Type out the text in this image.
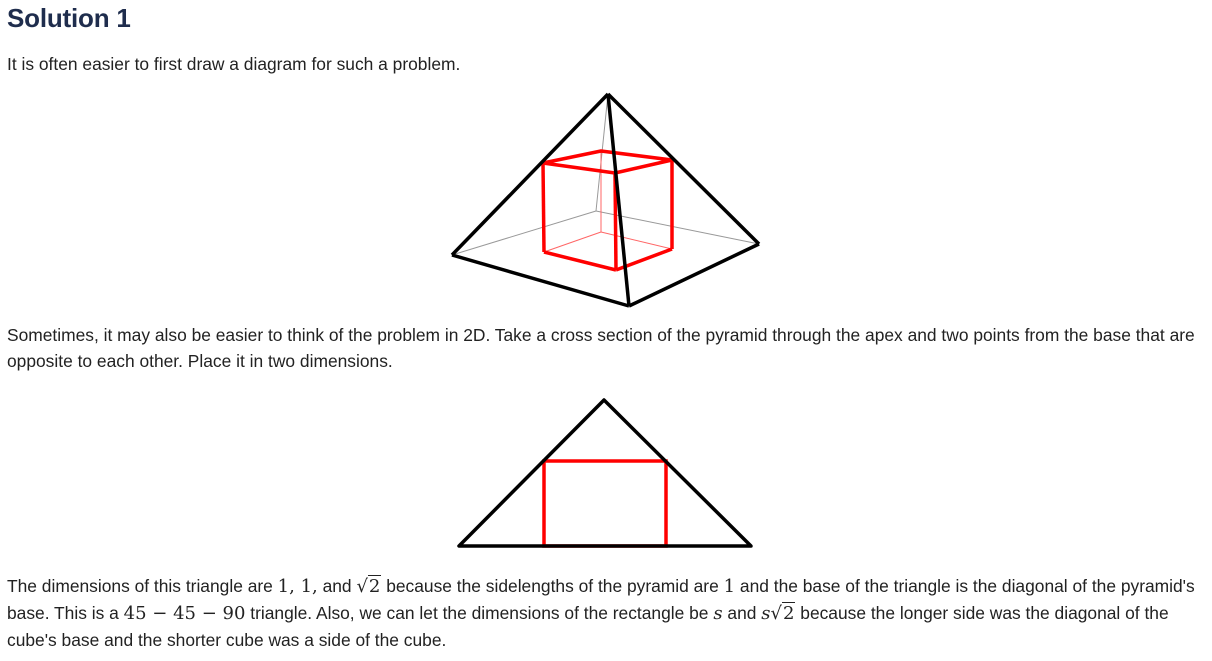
Solution 1

It is often easier to first draw a diagram for such a problem.

Sometimes, it may also be easier to think of the problem in 2D. Take a cross section of the pyramid through the apex and two points from the base that are opposite to each other. Place it in two dimensions.

The dimensions of this triangle are 1, 1, and √2 because the sidelengths of the pyramid are 1 and the base of the triangle is the diagonal of the pyramid's base. This is a 45 − 45 − 90 triangle. Also, we can let the dimensions of the rectangle be s and s√2 because the longer side was the diagonal of the cube's base and the shorter cube was a side of the cube.
